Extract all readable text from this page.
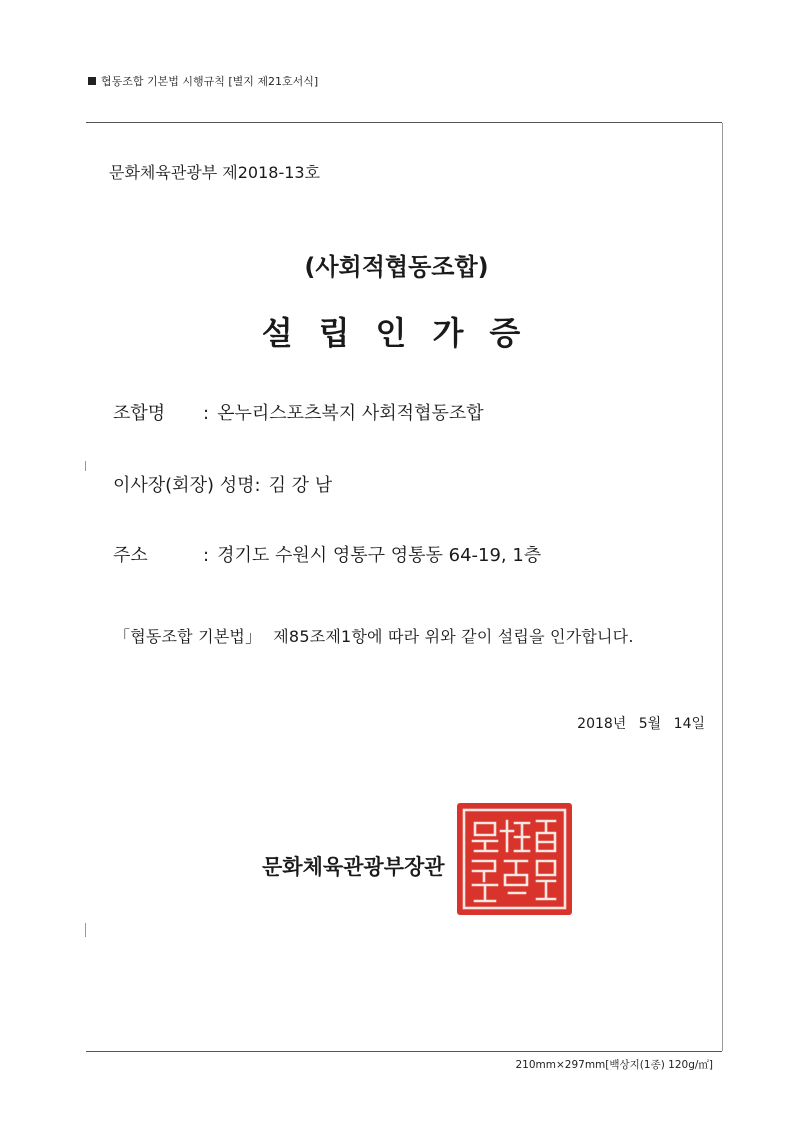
협동조합 기본법 시행규칙 [별지 제21호서식]
문화체육관광부 제2018-13호
(사회적협동조합)
설립인가증
조합명	: 온누리스포츠복지 사회적협동조합
이사장(회장) 성명 : 김 강 남
주소	: 경기도 수원시 영통구 영통동 64-19, 1층
「협동조합 기본법」 제85조제1항에 따라 위와 같이 설립을 인가합니다.
2018년 5월 14일
문화체육관광부장관
210mm×297mm[백상지(1종) 120g/㎡]
